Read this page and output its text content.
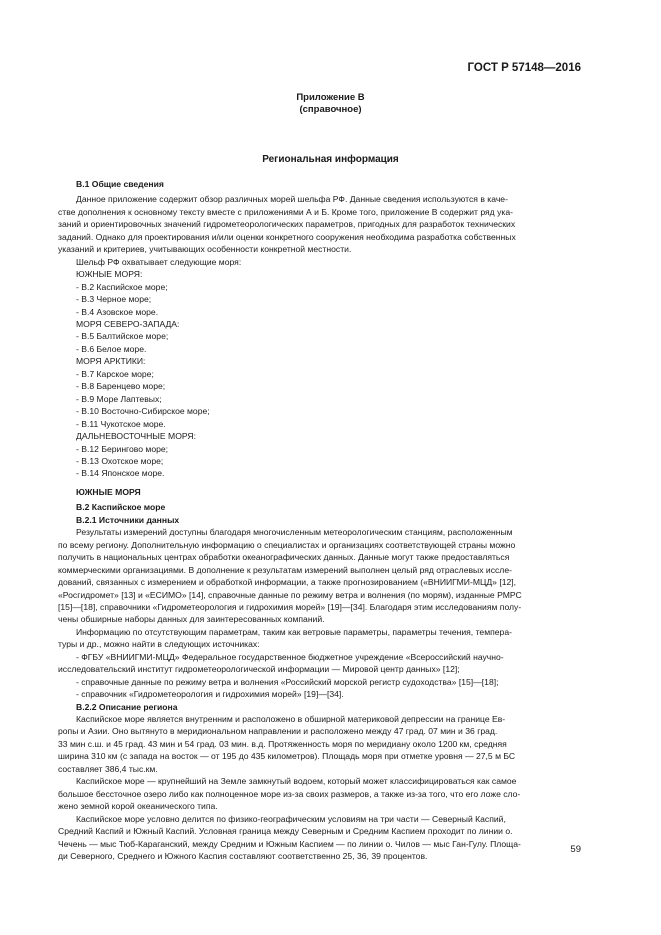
ГОСТ Р 57148—2016
Приложение В
(справочное)
Региональная информация
В.1 Общие сведения
Данное приложение содержит обзор различных морей шельфа РФ. Данные сведения используются в каче-
стве дополнения к основному тексту вместе с приложениями А и Б. Кроме того, приложение В содержит ряд ука-
заний и ориентировочных значений гидрометеорологических параметров, пригодных для разработок технических
заданий. Однако для проектирования и/или оценки конкретного сооружения необходима разработка собственных
указаний и критериев, учитывающих особенности конкретной местности.
Шельф РФ охватывает следующие моря:
ЮЖНЫЕ МОРЯ:
- В.2 Каспийское море;
- В.3 Черное море;
- В.4 Азовское море.
МОРЯ СЕВЕРО-ЗАПАДА:
- В.5 Балтийское море;
- В.6 Белое море.
МОРЯ АРКТИКИ:
- В.7 Карское море;
- В.8 Баренцево море;
- В.9 Море Лаптевых;
- В.10 Восточно-Сибирское море;
- В.11 Чукотское море.
ДАЛЬНЕВОСТОЧНЫЕ МОРЯ:
- В.12 Берингово море;
- В.13 Охотское море;
- В.14 Японское море.
ЮЖНЫЕ МОРЯ
В.2 Каспийское море
В.2.1 Источники данных
Результаты измерений доступны благодаря многочисленным метеорологическим станциям, расположенным
по всему региону. Дополнительную информацию о специалистах и организациях соответствующей страны можно
получить в национальных центрах обработки океанографических данных. Данные могут также предоставляться
коммерческими организациями. В дополнение к результатам измерений выполнен целый ряд отраслевых иссле-
дований, связанных с измерением и обработкой информации, а также прогнозированием («ВНИИГМИ-МЦД» [12],
«Росгидромет» [13] и «ЕСИМО» [14], справочные данные по режиму ветра и волнения (по морям), изданные РМРС
[15]—[18], справочники «Гидрометеорология и гидрохимия морей» [19]—[34]. Благодаря этим исследованиям полу-
чены обширные наборы данных для заинтересованных компаний.
Информацию по отсутствующим параметрам, таким как ветровые параметры, параметры течения, темпера-
туры и др., можно найти в следующих источниках:
- ФГБУ «ВНИИГМИ-МЦД» Федеральное государственное бюджетное учреждение «Всероссийский научно-
исследовательский институт гидрометеорологической информации — Мировой центр данных» [12];
- справочные данные по режиму ветра и волнения «Российский морской регистр судоходства» [15]—[18];
- справочник «Гидрометеорология и гидрохимия морей» [19]—[34].
В.2.2 Описание региона
Каспийское море является внутренним и расположено в обширной материковой депрессии на границе Ев-
ропы и Азии. Оно вытянуто в меридиональном направлении и расположено между 47 град. 07 мин и 36 град.
33 мин с.ш. и 45 град. 43 мин и 54 град. 03 мин. в.д. Протяженность моря по меридиану около 1200 км, средняя
ширина 310 км (с запада на восток — от 195 до 435 километров). Площадь моря при отметке уровня — 27,5 м БС
составляет 386,4 тыс.км.
Каспийское море — крупнейший на Земле замкнутый водоем, который может классифицироваться как самое
большое бессточное озеро либо как полноценное море из-за своих размеров, а также из-за того, что его ложе сло-
жено земной корой океанического типа.
Каспийское море условно делится по физико-географическим условиям на три части — Северный Каспий,
Средний Каспий и Южный Каспий. Условная граница между Северным и Средним Каспием проходит по линии о.
Чечень — мыс Тюб-Караганский, между Средним и Южным Каспием — по линии о. Чилов — мыс Ган-Гулу. Площа-
ди Северного, Среднего и Южного Каспия составляют соответственно 25, 36, 39 процентов.
59
